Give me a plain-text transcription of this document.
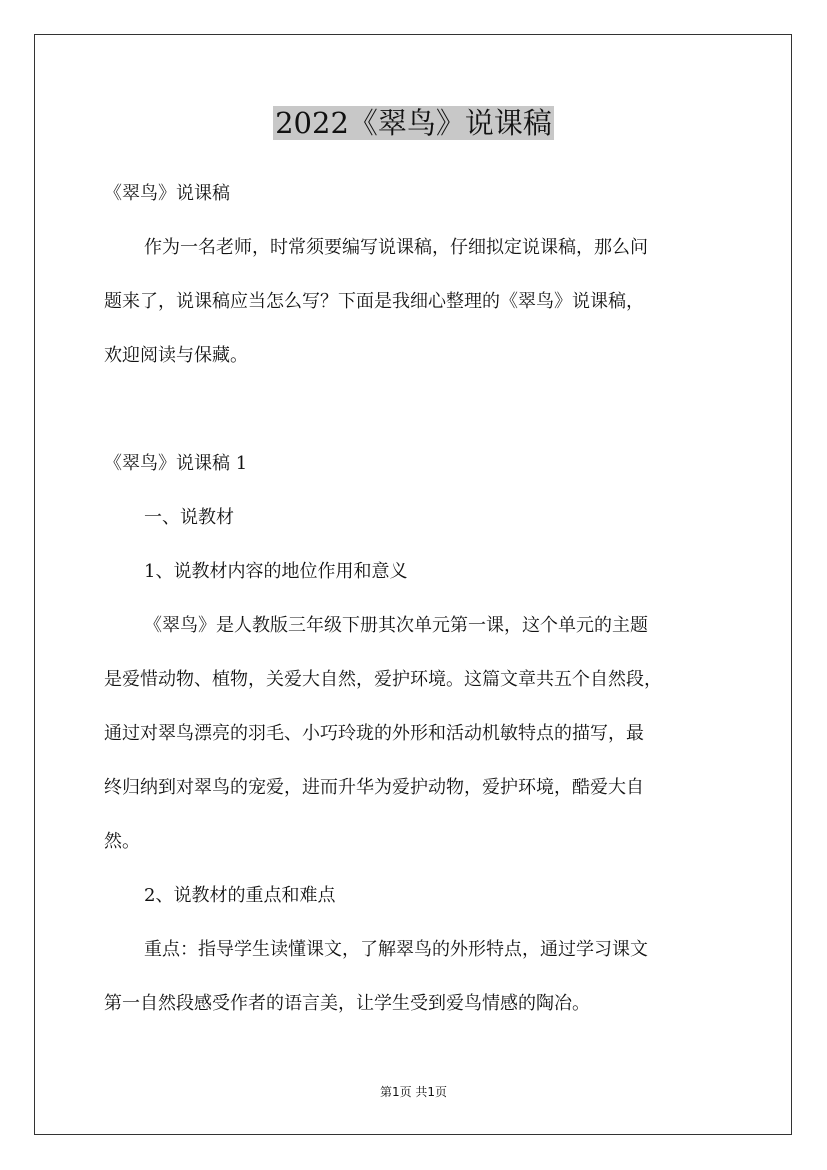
2022《翠鸟》说课稿

《翠鸟》说课稿

作为一名老师，时常须要编写说课稿，仔细拟定说课稿，那么问

题来了，说课稿应当怎么写？下面是我细心整理的《翠鸟》说课稿，

欢迎阅读与保藏。

《翠鸟》说课稿 1

一、说教材

1、说教材内容的地位作用和意义

《翠鸟》是人教版三年级下册其次单元第一课，这个单元的主题

是爱惜动物、植物，关爱大自然，爱护环境。这篇文章共五个自然段，

通过对翠鸟漂亮的羽毛、小巧玲珑的外形和活动机敏特点的描写，最

终归纳到对翠鸟的宠爱，进而升华为爱护动物，爱护环境，酷爱大自

然。

2、说教材的重点和难点

重点：指导学生读懂课文，了解翠鸟的外形特点，通过学习课文

第一自然段感受作者的语言美，让学生受到爱鸟情感的陶冶。

第1页 共1页
